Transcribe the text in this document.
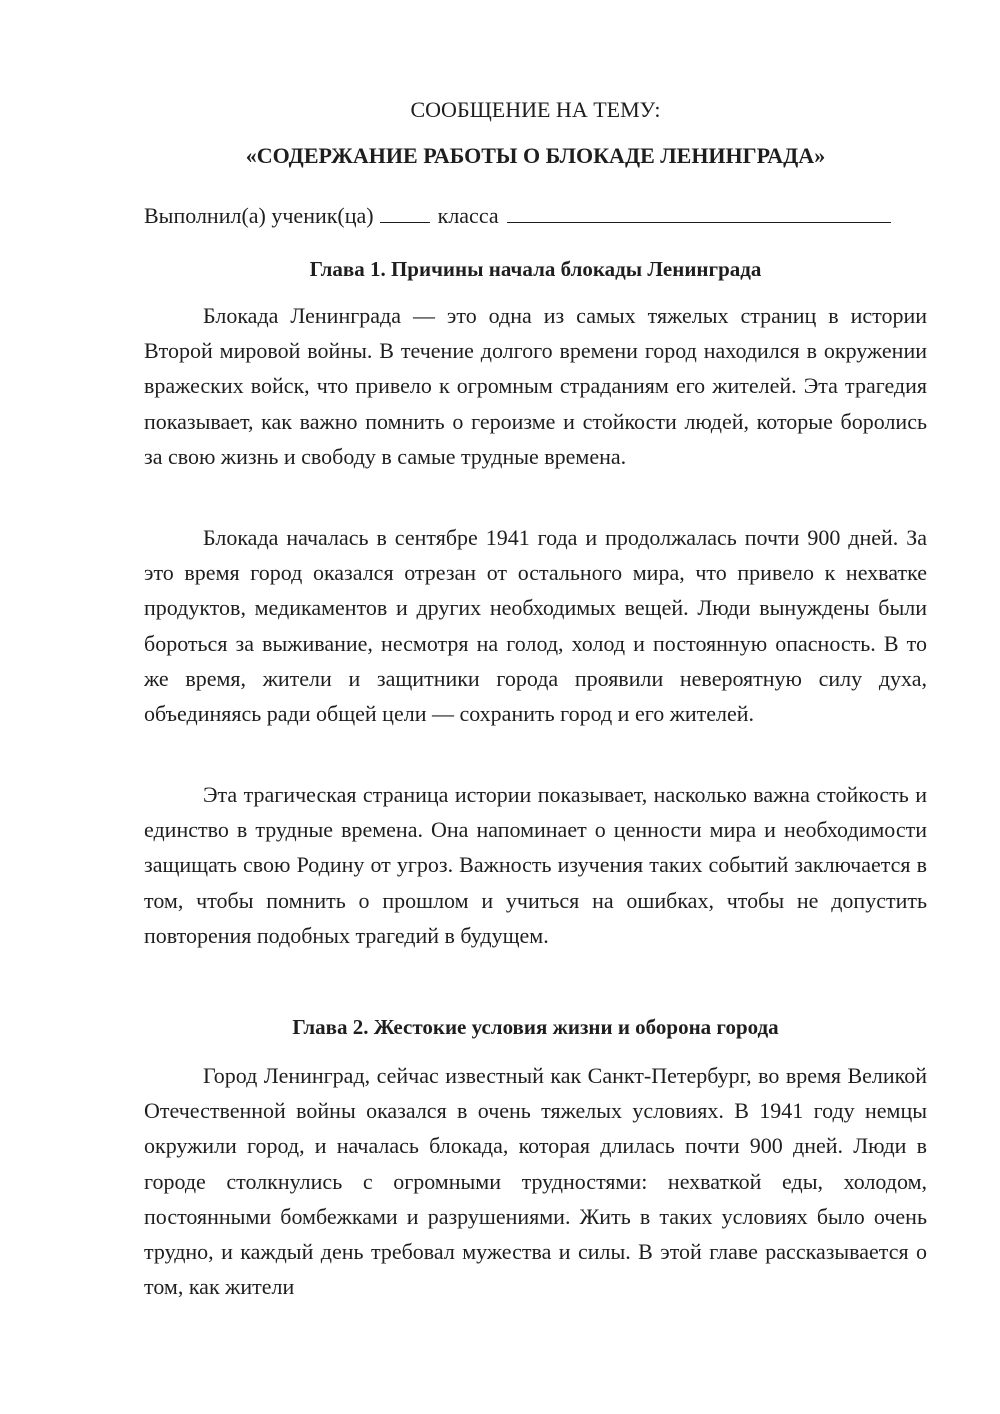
СООБЩЕНИЕ НА ТЕМУ:
«СОДЕРЖАНИЕ РАБОТЫ О БЛОКАДЕ ЛЕНИНГРАДА»
Выполнил(а) ученик(ца)	класса
Глава 1. Причины начала блокады Ленинграда

Блокада Ленинграда — это одна из самых тяжелых страниц в истории Второй мировой войны. В течение долгого времени город находился в окружении вражеских войск, что привело к огромным страданиям его жителей. Эта трагедия показывает, как важно помнить о героизме и стойкости людей, которые боролись за свою жизнь и свободу в самые трудные времена.

Блокада началась в сентябре 1941 года и продолжалась почти 900 дней. За это время город оказался отрезан от остального мира, что привело к нехватке продуктов, медикаментов и других необходимых вещей. Люди вынуждены были бороться за выживание, несмотря на голод, холод и постоянную опасность. В то же время, жители и защитники города проявили невероятную силу духа, объединяясь ради общей цели — сохранить город и его жителей.

Эта трагическая страница истории показывает, насколько важна стойкость и единство в трудные времена. Она напоминает о ценности мира и необходимости защищать свою Родину от угроз. Важность изучения таких событий заключается в том, чтобы помнить о прошлом и учиться на ошибках, чтобы не допустить повторения подобных трагедий в будущем.

Глава 2. Жестокие условия жизни и оборона города

Город Ленинград, сейчас известный как Санкт-Петербург, во время Великой Отечественной войны оказался в очень тяжелых условиях. В 1941 году немцы окружили город, и началась блокада, которая длилась почти 900 дней. Люди в городе столкнулись с огромными трудностями: нехваткой еды, холодом, постоянными бомбежками и разрушениями. Жить в таких условиях было очень трудно, и каждый день требовал мужества и силы. В этой главе рассказывается о том, как жители
